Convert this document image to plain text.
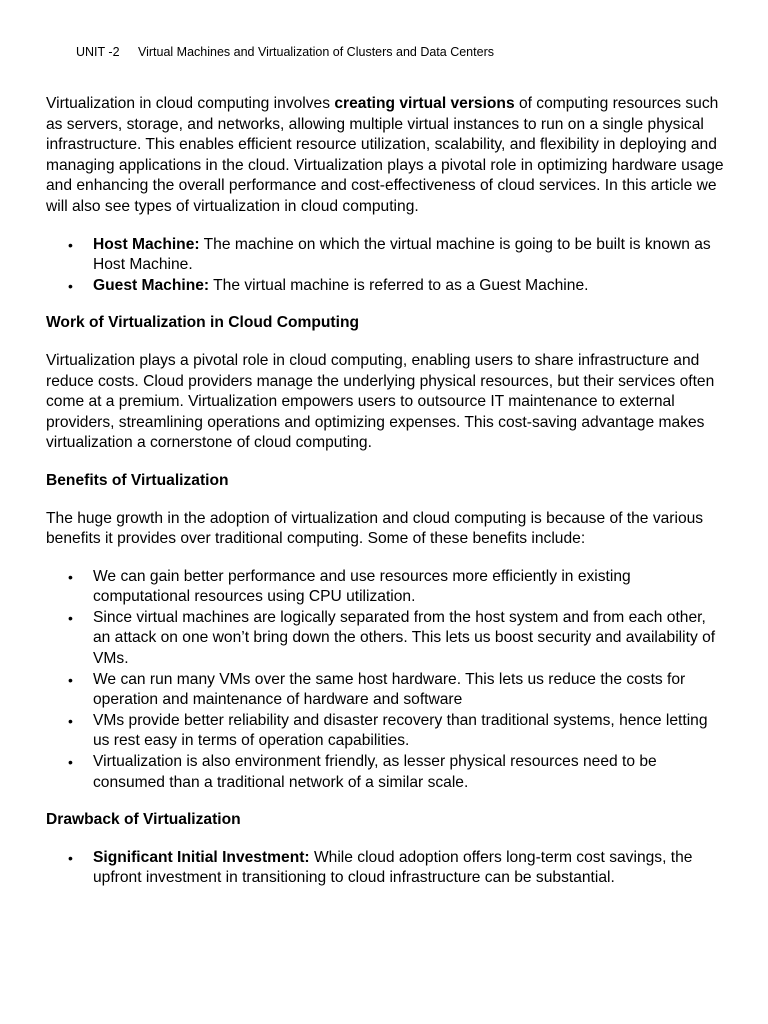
UNIT -2 Virtual Machines and Virtualization of Clusters and Data Centers

Virtualization in cloud computing involves creating virtual versions of computing resources such as servers, storage, and networks, allowing multiple virtual instances to run on a single physical infrastructure. This enables efficient resource utilization, scalability, and flexibility in deploying and managing applications in the cloud. Virtualization plays a pivotal role in optimizing hardware usage and enhancing the overall performance and cost-effectiveness of cloud services. In this article we will also see types of virtualization in cloud computing.

• Host Machine: The machine on which the virtual machine is going to be built is known as Host Machine.
• Guest Machine: The virtual machine is referred to as a Guest Machine.
Work of Virtualization in Cloud Computing

Virtualization plays a pivotal role in cloud computing, enabling users to share infrastructure and reduce costs. Cloud providers manage the underlying physical resources, but their services often come at a premium. Virtualization empowers users to outsource IT maintenance to external providers, streamlining operations and optimizing expenses. This cost-saving advantage makes virtualization a cornerstone of cloud computing.

Benefits of Virtualization

The huge growth in the adoption of virtualization and cloud computing is because of the various benefits it provides over traditional computing. Some of these benefits include:

• We can gain better performance and use resources more efficiently in existing computational resources using CPU utilization.
• Since virtual machines are logically separated from the host system and from each other, an attack on one won’t bring down the others. This lets us boost security and availability of VMs.
• We can run many VMs over the same host hardware. This lets us reduce the costs for operation and maintenance of hardware and software
• VMs provide better reliability and disaster recovery than traditional systems, hence letting us rest easy in terms of operation capabilities.
• Virtualization is also environment friendly, as lesser physical resources need to be consumed than a traditional network of a similar scale.
Drawback of Virtualization
• Significant Initial Investment: While cloud adoption offers long-term cost savings, the upfront investment in transitioning to cloud infrastructure can be substantial.
